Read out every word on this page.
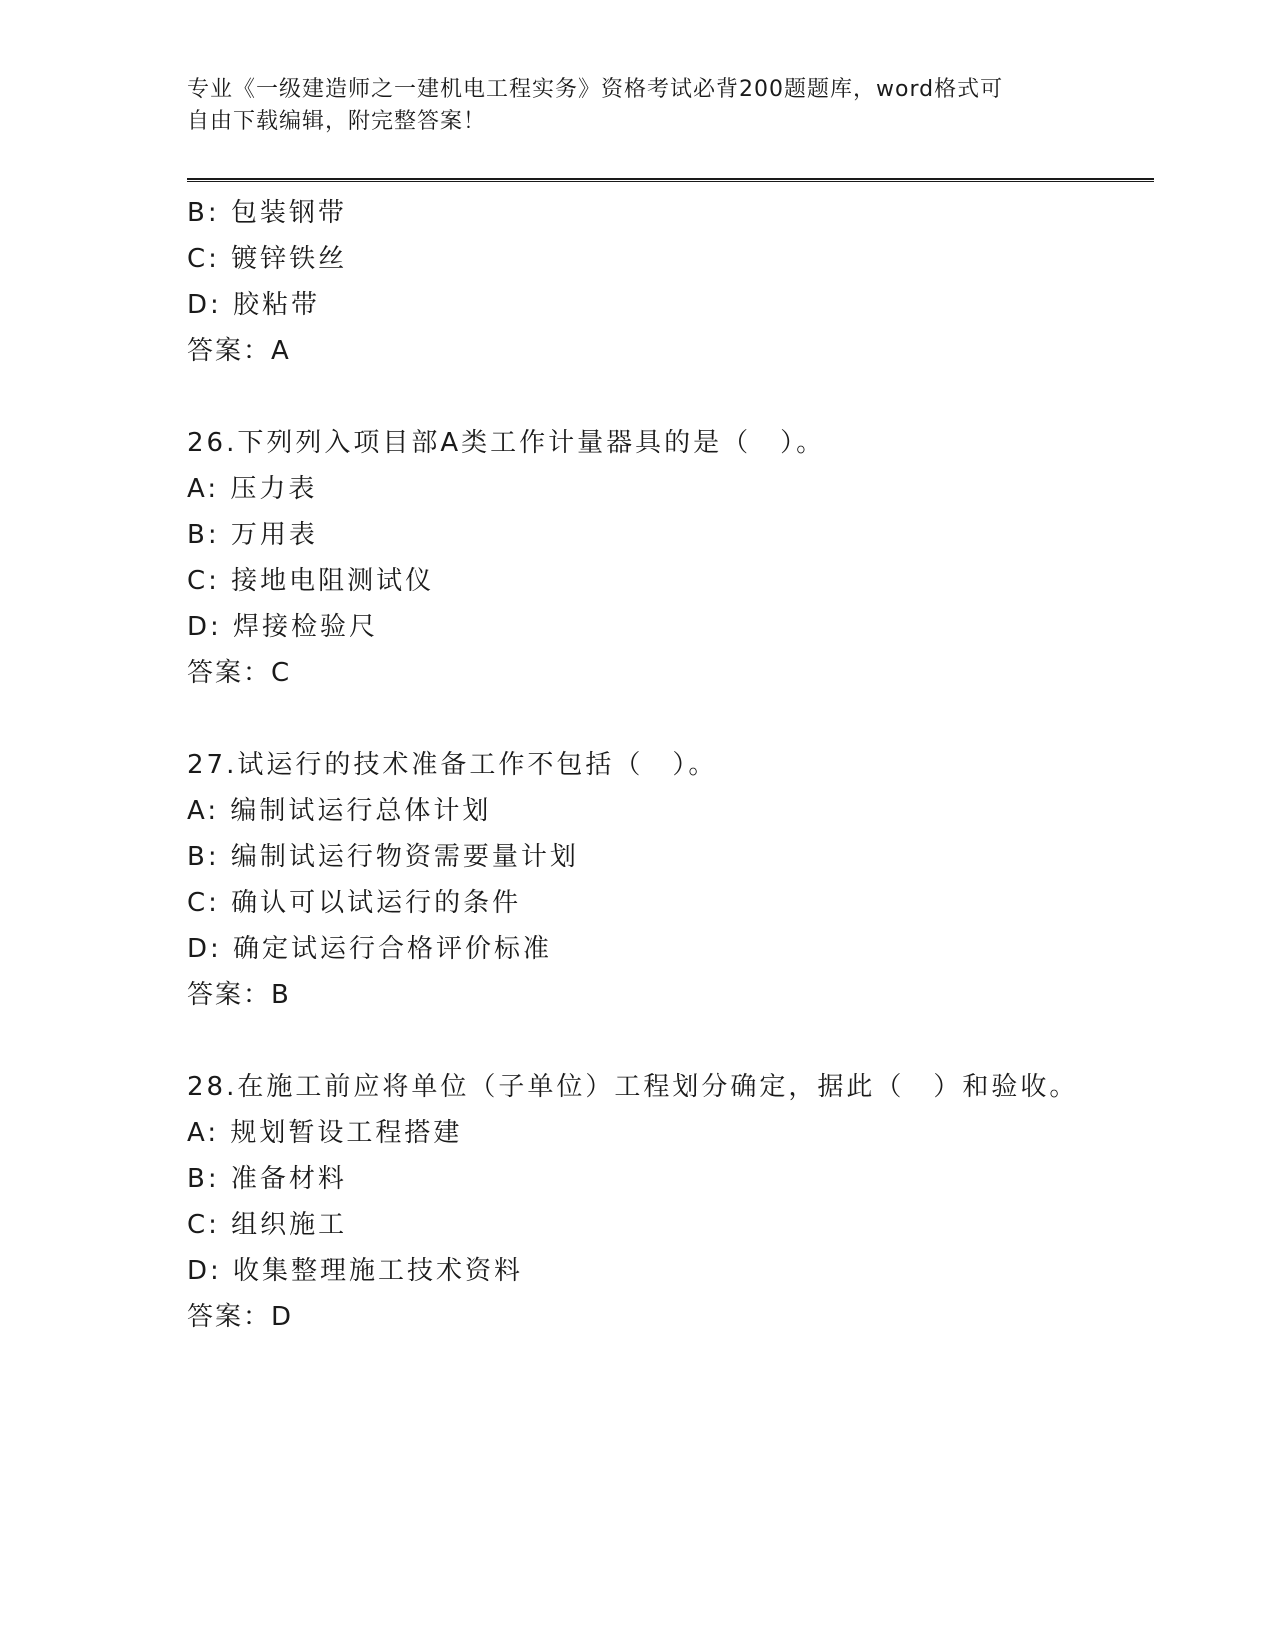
专业《一级建造师之一建机电工程实务》资格考试必背200题题库，word格式可
自由下载编辑，附完整答案！
B: 包装钢带
C: 镀锌铁丝
D: 胶粘带
答案：A
26.下列列入项目部A类工作计量器具的是（　）。
A: 压力表
B: 万用表
C: 接地电阻测试仪
D: 焊接检验尺
答案：C
27.试运行的技术准备工作不包括（　）。
A: 编制试运行总体计划
B: 编制试运行物资需要量计划
C: 确认可以试运行的条件
D: 确定试运行合格评价标准
答案：B
28.在施工前应将单位（子单位）工程划分确定，据此（　）和验收。
A: 规划暂设工程搭建
B: 准备材料
C: 组织施工
D: 收集整理施工技术资料
答案：D
